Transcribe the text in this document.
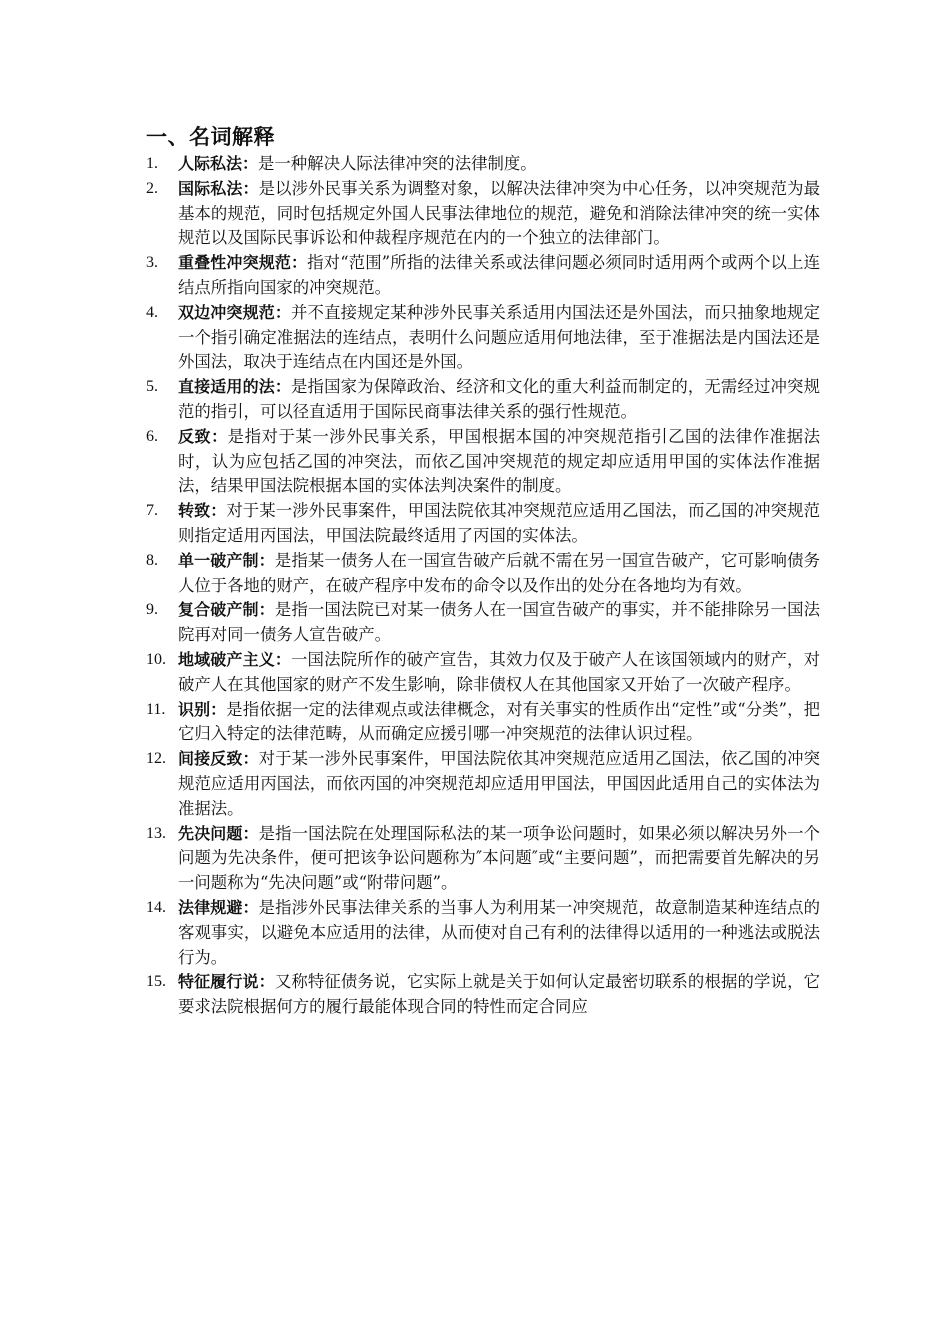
一、名词解释
1.	人际私法：是一种解决人际法律冲突的法律制度。
2.	国际私法：是以涉外民事关系为调整对象，以解决法律冲突为中心任务，以冲突规范为最基本的规范，同时包括规定外国人民事法律地位的规范，避免和消除法律冲突的统一实体规范以及国际民事诉讼和仲裁程序规范在内的一个独立的法律部门。
3.	重叠性冲突规范：指对“范围”所指的法律关系或法律问题必须同时适用两个或两个以上连结点所指向国家的冲突规范。
4.	双边冲突规范：并不直接规定某种涉外民事关系适用内国法还是外国法，而只抽象地规定一个指引确定准据法的连结点，表明什么问题应适用何地法律，至于准据法是内国法还是外国法，取决于连结点在内国还是外国。
5.	直接适用的法：是指国家为保障政治、经济和文化的重大利益而制定的，无需经过冲突规范的指引，可以径直适用于国际民商事法律关系的强行性规范。
6.	反致：是指对于某一涉外民事关系，甲国根据本国的冲突规范指引乙国的法律作准据法时，认为应包括乙国的冲突法，而依乙国冲突规范的规定却应适用甲国的实体法作准据法，结果甲国法院根据本国的实体法判决案件的制度。
7.	转致：对于某一涉外民事案件，甲国法院依其冲突规范应适用乙国法，而乙国的冲突规范则指定适用丙国法，甲国法院最终适用了丙国的实体法。
8.	单一破产制：是指某一债务人在一国宣告破产后就不需在另一国宣告破产，它可影响债务人位于各地的财产，在破产程序中发布的命令以及作出的处分在各地均为有效。
9.	复合破产制：是指一国法院已对某一债务人在一国宣告破产的事实，并不能排除另一国法院再对同一债务人宣告破产。
10. 地域破产主义：一国法院所作的破产宣告，其效力仅及于破产人在该国领域内的财产，对破产人在其他国家的财产不发生影响，除非债权人在其他国家又开始了一次破产程序。
11. 识别：是指依据一定的法律观点或法律概念，对有关事实的性质作出“定性”或“分类”，把它归入特定的法律范畴，从而确定应援引哪一冲突规范的法律认识过程。
12. 间接反致：对于某一涉外民事案件，甲国法院依其冲突规范应适用乙国法，依乙国的冲突规范应适用丙国法，而依丙国的冲突规范却应适用甲国法，甲国因此适用自己的实体法为准据法。
13. 先决问题：是指一国法院在处理国际私法的某一项争讼问题时，如果必须以解决另外一个问题为先决条件，便可把该争讼问题称为″本问题″或“主要问题”，而把需要首先解决的另一问题称为“先决问题”或“附带问题”。
14. 法律规避：是指涉外民事法律关系的当事人为利用某一冲突规范，故意制造某种连结点的客观事实，以避免本应适用的法律，从而使对自己有利的法律得以适用的一种逃法或脱法行为。
15. 特征履行说：又称特征债务说，它实际上就是关于如何认定最密切联系的根据的学说，它要求法院根据何方的履行最能体现合同的特性而定合同应
